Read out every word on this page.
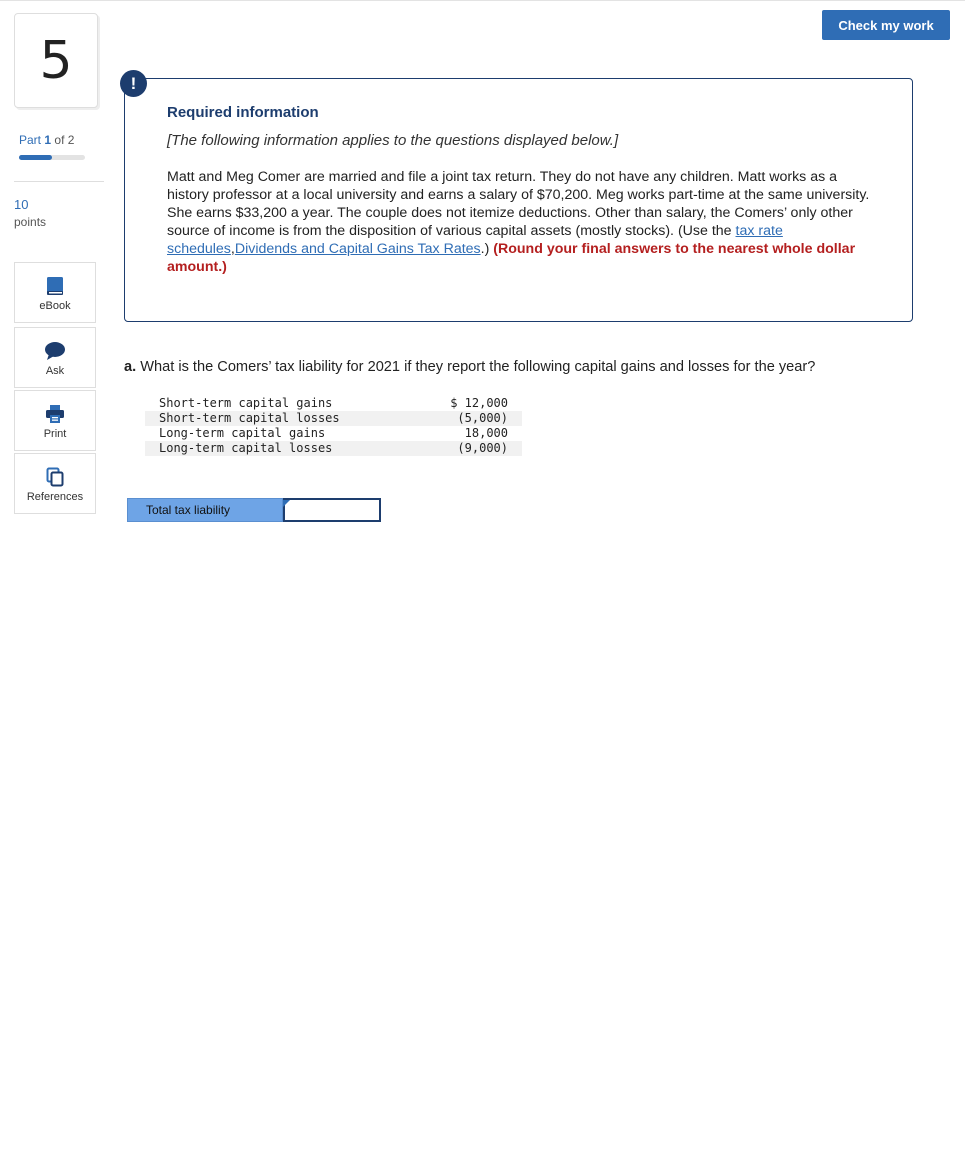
Check my work
5
Part 1 of 2
10
points
eBook
Ask
Print
References
!
Required information
[The following information applies to the questions displayed below.]
Matt and Meg Comer are married and file a joint tax return. They do not have any children. Matt works as a history professor at a local university and earns a salary of $70,200. Meg works part-time at the same university. She earns $33,200 a year. The couple does not itemize deductions. Other than salary, the Comers’ only other source of income is from the disposition of various capital assets (mostly stocks). (Use the tax rate schedules,Dividends and Capital Gains Tax Rates.) (Round your final answers to the nearest whole dollar amount.)
a. What is the Comers’ tax liability for 2021 if they report the following capital gains and losses for the year?
Short-term capital gains	$ 12,000
Short-term capital losses	(5,000)
Long-term capital gains	18,000
Long-term capital losses	(9,000)
Total tax liability
